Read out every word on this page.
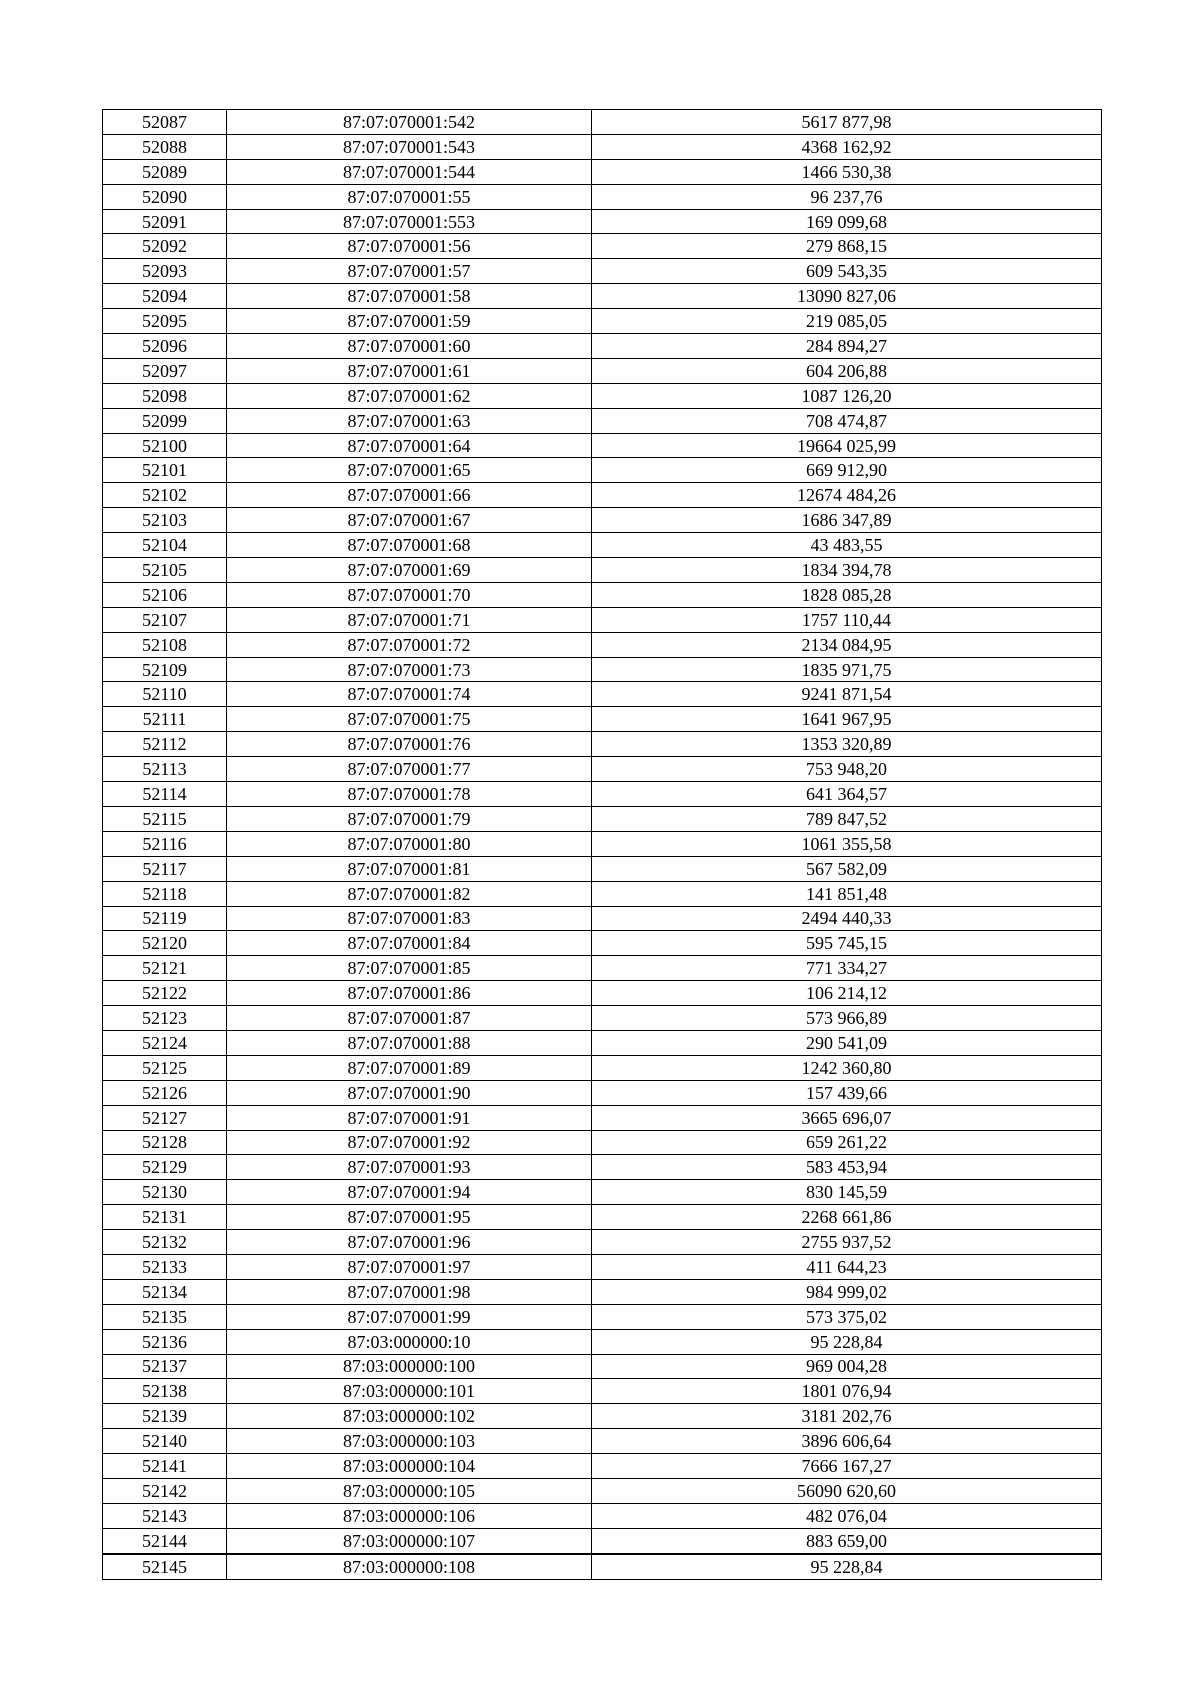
52087	87:07:070001:542	5617 877,98
52088	87:07:070001:543	4368 162,92
52089	87:07:070001:544	1466 530,38
52090	87:07:070001:55	96 237,76
52091	87:07:070001:553	169 099,68
52092	87:07:070001:56	279 868,15
52093	87:07:070001:57	609 543,35
52094	87:07:070001:58	13090 827,06
52095	87:07:070001:59	219 085,05
52096	87:07:070001:60	284 894,27
52097	87:07:070001:61	604 206,88
52098	87:07:070001:62	1087 126,20
52099	87:07:070001:63	708 474,87
52100	87:07:070001:64	19664 025,99
52101	87:07:070001:65	669 912,90
52102	87:07:070001:66	12674 484,26
52103	87:07:070001:67	1686 347,89
52104	87:07:070001:68	43 483,55
52105	87:07:070001:69	1834 394,78
52106	87:07:070001:70	1828 085,28
52107	87:07:070001:71	1757 110,44
52108	87:07:070001:72	2134 084,95
52109	87:07:070001:73	1835 971,75
52110	87:07:070001:74	9241 871,54
52111	87:07:070001:75	1641 967,95
52112	87:07:070001:76	1353 320,89
52113	87:07:070001:77	753 948,20
52114	87:07:070001:78	641 364,57
52115	87:07:070001:79	789 847,52
52116	87:07:070001:80	1061 355,58
52117	87:07:070001:81	567 582,09
52118	87:07:070001:82	141 851,48
52119	87:07:070001:83	2494 440,33
52120	87:07:070001:84	595 745,15
52121	87:07:070001:85	771 334,27
52122	87:07:070001:86	106 214,12
52123	87:07:070001:87	573 966,89
52124	87:07:070001:88	290 541,09
52125	87:07:070001:89	1242 360,80
52126	87:07:070001:90	157 439,66
52127	87:07:070001:91	3665 696,07
52128	87:07:070001:92	659 261,22
52129	87:07:070001:93	583 453,94
52130	87:07:070001:94	830 145,59
52131	87:07:070001:95	2268 661,86
52132	87:07:070001:96	2755 937,52
52133	87:07:070001:97	411 644,23
52134	87:07:070001:98	984 999,02
52135	87:07:070001:99	573 375,02
52136	87:03:000000:10	95 228,84
52137	87:03:000000:100	969 004,28
52138	87:03:000000:101	1801 076,94
52139	87:03:000000:102	3181 202,76
52140	87:03:000000:103	3896 606,64
52141	87:03:000000:104	7666 167,27
52142	87:03:000000:105	56090 620,60
52143	87:03:000000:106	482 076,04
52144	87:03:000000:107	883 659,00
52145	87:03:000000:108	95 228,84
